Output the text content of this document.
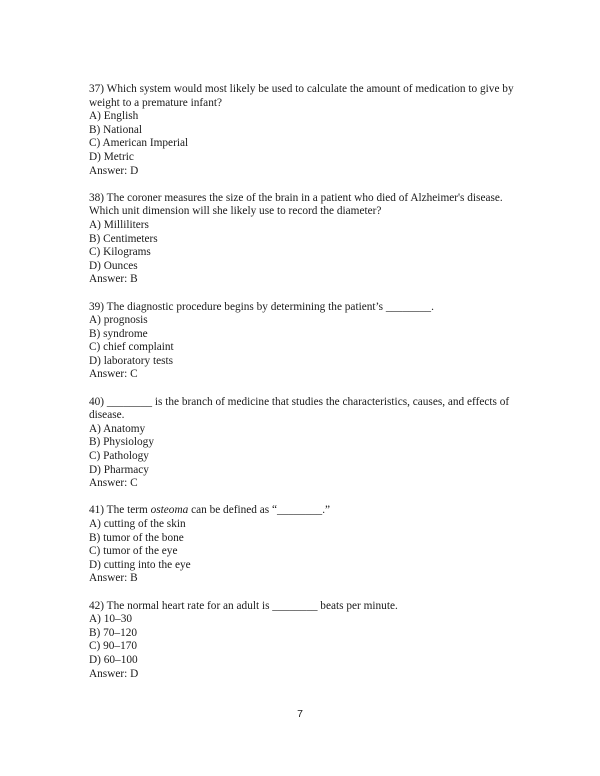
37) Which system would most likely be used to calculate the amount of medication to give by weight to a premature infant?

A) English

B) National

C) American Imperial

D) Metric

Answer: D

38) The coroner measures the size of the brain in a patient who died of Alzheimer's disease. Which unit dimension will she likely use to record the diameter?

A) Milliliters

B) Centimeters

C) Kilograms

D) Ounces

Answer: B

39) The diagnostic procedure begins by determining the patient’s ________.

A) prognosis

B) syndrome

C) chief complaint

D) laboratory tests

Answer: C

40) ________ is the branch of medicine that studies the characteristics, causes, and effects of disease.

A) Anatomy

B) Physiology

C) Pathology

D) Pharmacy

Answer: C

41) The term osteoma can be defined as “________.”

A) cutting of the skin

B) tumor of the bone

C) tumor of the eye

D) cutting into the eye

Answer: B

42) The normal heart rate for an adult is ________ beats per minute.

A) 10–30

B) 70–120

C) 90–170

D) 60–100

Answer: D

7
